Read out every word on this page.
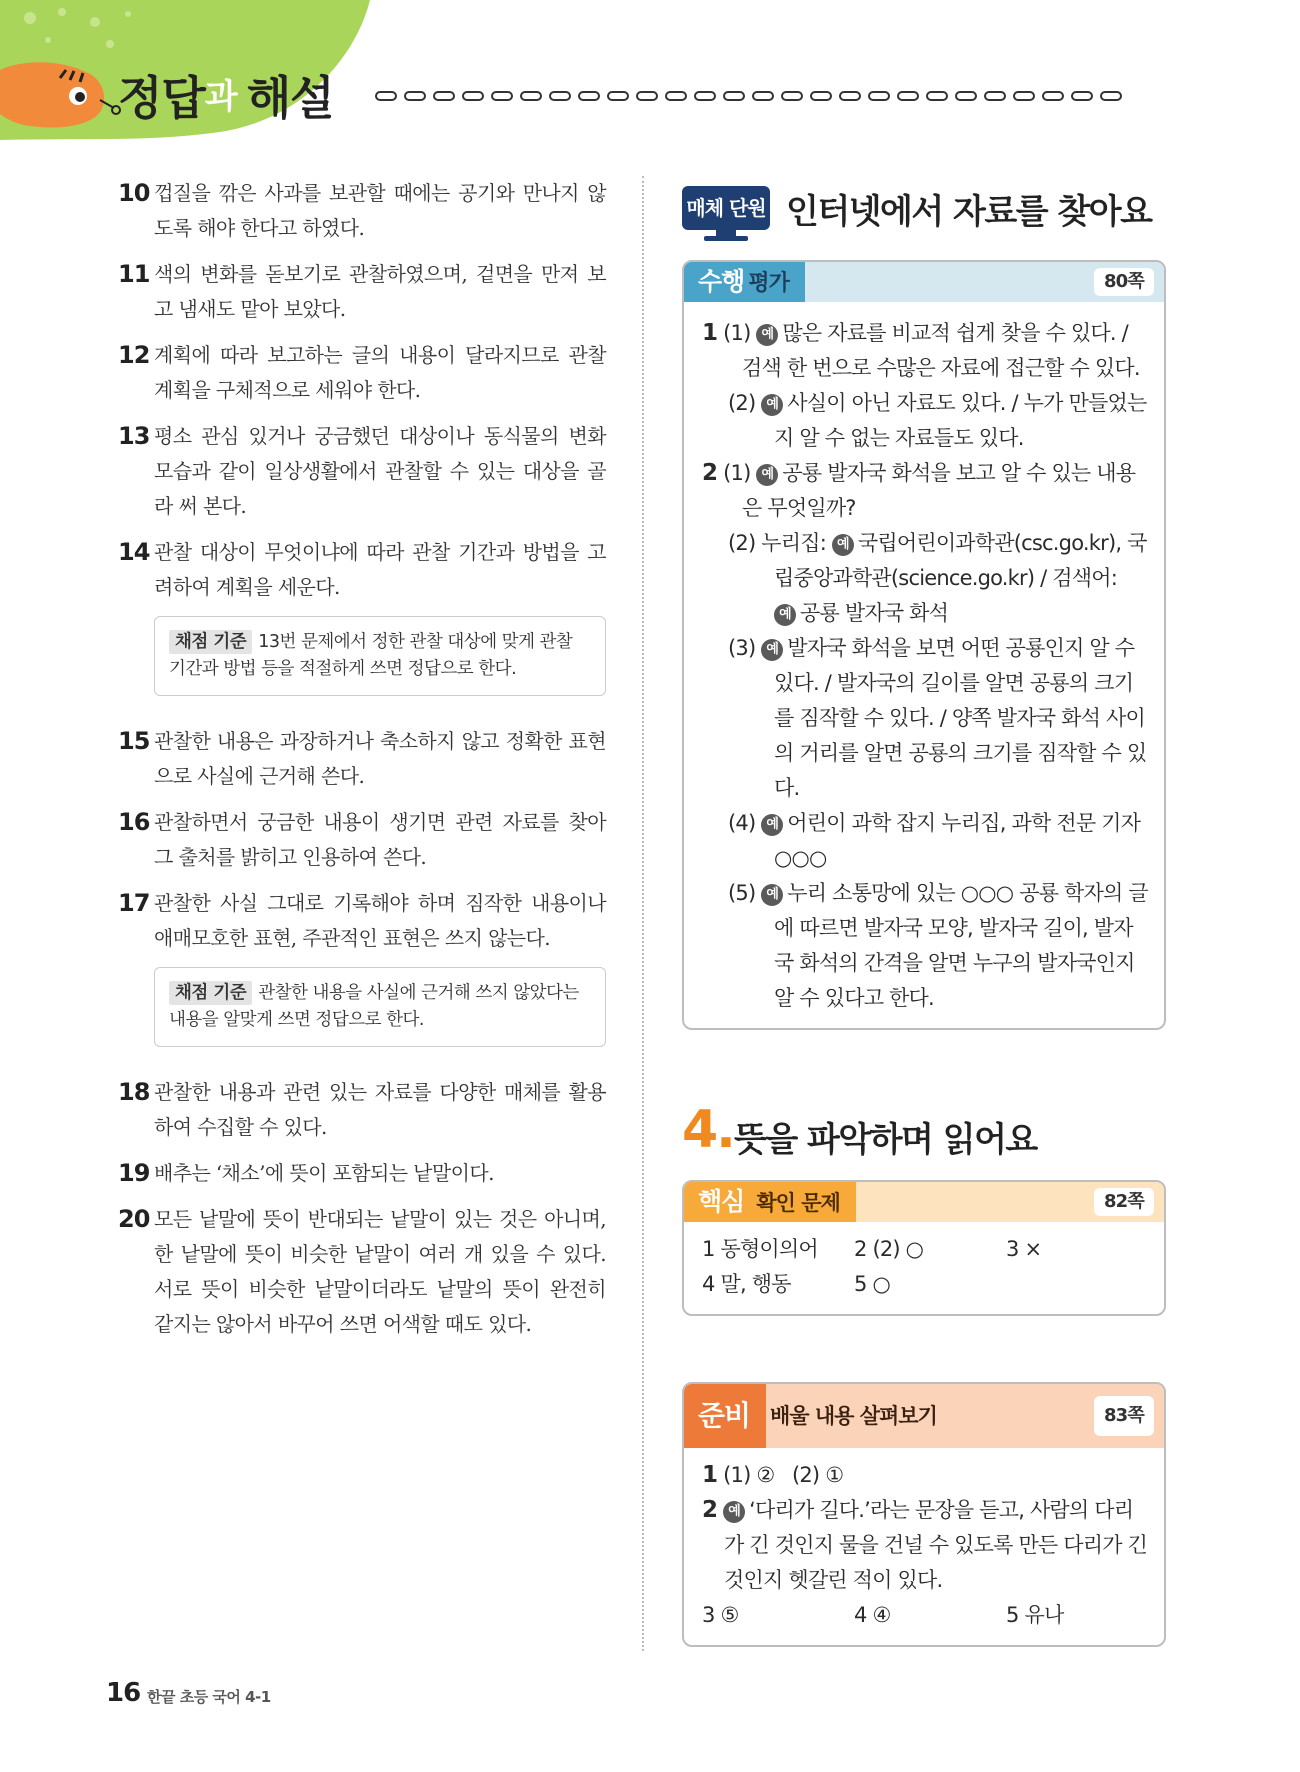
정답과 해설
10 껍질을 깎은 사과를 보관할 때에는 공기와 만나지 않도록 해야 한다고 하였다.
11 색의 변화를 돋보기로 관찰하였으며, 겉면을 만져 보고 냄새도 맡아 보았다.
12 계획에 따라 보고하는 글의 내용이 달라지므로 관찰 계획을 구체적으로 세워야 한다.
13 평소 관심 있거나 궁금했던 대상이나 동식물의 변화 모습과 같이 일상생활에서 관찰할 수 있는 대상을 골라 써 본다.
14 관찰 대상이 무엇이냐에 따라 관찰 기간과 방법을 고려하여 계획을 세운다.
채점 기준 13번 문제에서 정한 관찰 대상에 맞게 관찰 기간과 방법 등을 적절하게 쓰면 정답으로 한다.
15 관찰한 내용은 과장하거나 축소하지 않고 정확한 표현으로 사실에 근거해 쓴다.
16 관찰하면서 궁금한 내용이 생기면 관련 자료를 찾아 그 출처를 밝히고 인용하여 쓴다.
17 관찰한 사실 그대로 기록해야 하며 짐작한 내용이나 애매모호한 표현, 주관적인 표현은 쓰지 않는다.
채점 기준 관찰한 내용을 사실에 근거해 쓰지 않았다는 내용을 알맞게 쓰면 정답으로 한다.
18 관찰한 내용과 관련 있는 자료를 다양한 매체를 활용하여 수집할 수 있다.
19 배추는 ‘채소’에 뜻이 포함되는 낱말이다.
20 모든 낱말에 뜻이 반대되는 낱말이 있는 것은 아니며, 한 낱말에 뜻이 비슷한 낱말이 여러 개 있을 수 있다. 서로 뜻이 비슷한 낱말이더라도 낱말의 뜻이 완전히 같지는 않아서 바꾸어 쓰면 어색할 때도 있다.
매체 단원 인터넷에서 자료를 찾아요
수행 평가	80쪽
1 (1) 예 많은 자료를 비교적 쉽게 찾을 수 있다. / 검색 한 번으로 수많은 자료에 접근할 수 있다.
(2) 예 사실이 아닌 자료도 있다. / 누가 만들었는지 알 수 없는 자료들도 있다.
2 (1) 예 공룡 발자국 화석을 보고 알 수 있는 내용은 무엇일까?
(2) 누리집: 예 국립어린이과학관(csc.go.kr), 국립중앙과학관(science.go.kr) / 검색어: 예 공룡 발자국 화석
(3) 예 발자국 화석을 보면 어떤 공룡인지 알 수 있다. / 발자국의 길이를 알면 공룡의 크기를 짐작할 수 있다. / 양쪽 발자국 화석 사이의 거리를 알면 공룡의 크기를 짐작할 수 있다.
(4) 예 어린이 과학 잡지 누리집, 과학 전문 기자 ○○○
(5) 예 누리 소통망에 있는 ○○○ 공룡 학자의 글에 따르면 발자국 모양, 발자국 길이, 발자국 화석의 간격을 알면 누구의 발자국인지 알 수 있다고 한다.
4. 뜻을 파악하며 읽어요
핵심 확인 문제	82쪽
1 동형이의어	2 (2) ○	3 ×
4 말, 행동	5 ○
준비 배울 내용 살펴보기	83쪽
1 (1) ②   (2) ①
2 예 ‘다리가 길다.’라는 문장을 듣고, 사람의 다리가 긴 것인지 물을 건널 수 있도록 만든 다리가 긴 것인지 헷갈린 적이 있다.
3 ⑤	4 ④	5 유나
16 한끝 초등 국어 4-1
